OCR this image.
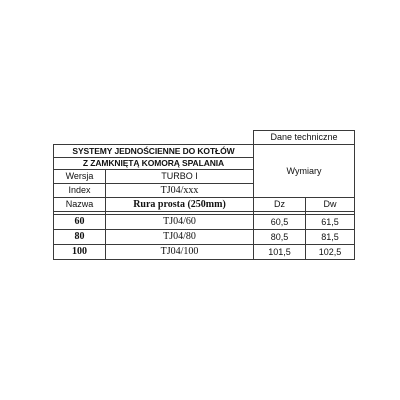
		Dane techniczne	
SYSTEMY JEDNOŚCIENNE DO KOTŁÓW		Wymiary	
Z ZAMKNIĘTĄ KOMORĄ SPALANIA			
Wersja	TURBO I		
Index	TJ04/xxx		
Nazwa	Rura prosta (250mm)	Dz	Dw

60	TJ04/60	60,5	61,5
80	TJ04/80	80,5	81,5
100	TJ04/100	101,5	102,5
